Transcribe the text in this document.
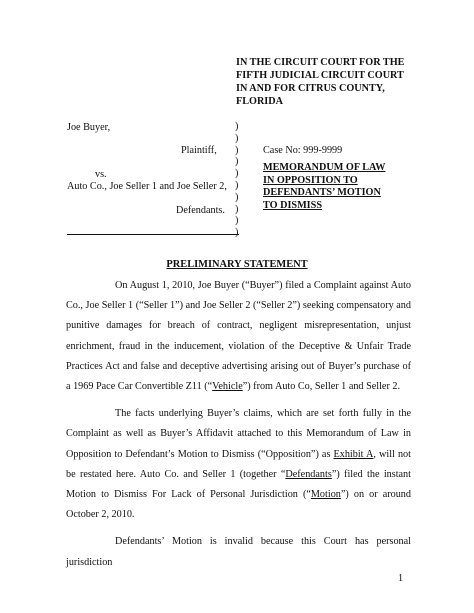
IN THE CIRCUIT COURT FOR THE
FIFTH JUDICIAL CIRCUIT COURT
IN AND FOR CITRUS COUNTY,
FLORIDA
Joe Buyer,
Plaintiff,
vs.
Auto Co., Joe Seller 1 and Joe Seller 2,
Defendants.
)
)
)
)
)
)
)
)
)
)
Case No: 999-9999
MEMORANDUM OF LAW
IN OPPOSITION TO
DEFENDANTS’ MOTION
TO DISMISS
PRELIMINARY STATEMENT

On August 1, 2010, Joe Buyer (“Buyer”) filed a Complaint against Auto Co., Joe Seller 1 (“Seller 1”) and Joe Seller 2 (“Seller 2”) seeking compensatory and punitive damages for breach of contract, negligent misrepresentation, unjust enrichment, fraud in the inducement, violation of the Deceptive & Unfair Trade Practices Act and false and deceptive advertising arising out of Buyer’s purchase of a 1969 Pace Car Convertible Z11 (“Vehicle”) from Auto Co, Seller 1 and Seller 2.

The facts underlying Buyer’s claims, which are set forth fully in the Complaint as well as Buyer’s Affidavit attached to this Memorandum of Law in Opposition to Defendant’s Motion to Dismiss (“Opposition”) as Exhibit A, will not be restated here. Auto Co. and Seller 1 (together “Defendants”) filed the instant Motion to Dismiss For Lack of Personal Jurisdiction (“Motion”) on or around October 2, 2010.

Defendants’ Motion is invalid because this Court has personal jurisdiction

1
